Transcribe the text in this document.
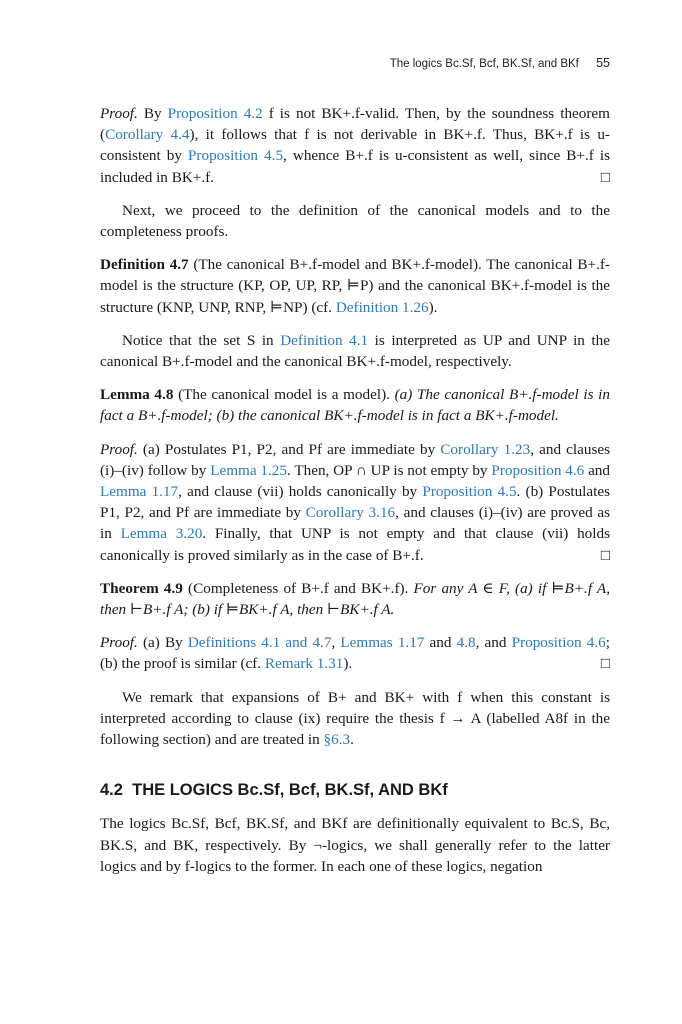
The logics Bc.Sf, Bcf, BK.Sf, and BKf 55

Proof. By Proposition 4.2 f is not BK+.f-valid. Then, by the soundness theorem (Corollary 4.4), it follows that f is not derivable in BK+.f. Thus, BK+.f is u-consistent by Proposition 4.5, whence B+.f is u-consistent as well, since B+.f is included in BK+.f.	□

Next, we proceed to the definition of the canonical models and to the completeness proofs.

Definition 4.7 (The canonical B+.f-model and BK+.f-model). The canonical B+.f-model is the structure (KP, OP, UP, RP, ⊨P) and the canonical BK+.f-model is the structure (KNP, UNP, RNP, ⊨NP) (cf. Definition 1.26).

Notice that the set S in Definition 4.1 is interpreted as UP and UNP in the canonical B+.f-model and the canonical BK+.f-model, respectively.

Lemma 4.8 (The canonical model is a model). (a) The canonical B+.f-model is in fact a B+.f-model; (b) the canonical BK+.f-model is in fact a BK+.f-model.

Proof. (a) Postulates P1, P2, and Pf are immediate by Corollary 1.23, and clauses (i)–(iv) follow by Lemma 1.25. Then, OP ∩ UP is not empty by Proposition 4.6 and Lemma 1.17, and clause (vii) holds canonically by Proposition 4.5. (b) Postulates P1, P2, and Pf are immediate by Corollary 3.16, and clauses (i)–(iv) are proved as in Lemma 3.20. Finally, that UNP is not empty and that clause (vii) holds canonically is proved similarly as in the case of B+.f.	□

Theorem 4.9 (Completeness of B+.f and BK+.f). For any A ∈ F, (a) if ⊨B+.f A, then ⊢B+.f A; (b) if ⊨BK+.f A, then ⊢BK+.f A.

Proof. (a) By Definitions 4.1 and 4.7, Lemmas 1.17 and 4.8, and Proposition 4.6; (b) the proof is similar (cf. Remark 1.31).	□

We remark that expansions of B+ and BK+ with f when this constant is interpreted according to clause (ix) require the thesis f → A (labelled A8f in the following section) and are treated in §6.3.

4.2 THE LOGICS Bc.Sf, Bcf, BK.Sf, AND BKf

The logics Bc.Sf, Bcf, BK.Sf, and BKf are definitionally equivalent to Bc.S, Bc, BK.S, and BK, respectively. By ¬-logics, we shall generally refer to the latter logics and by f-logics to the former. In each one of these logics, negation
